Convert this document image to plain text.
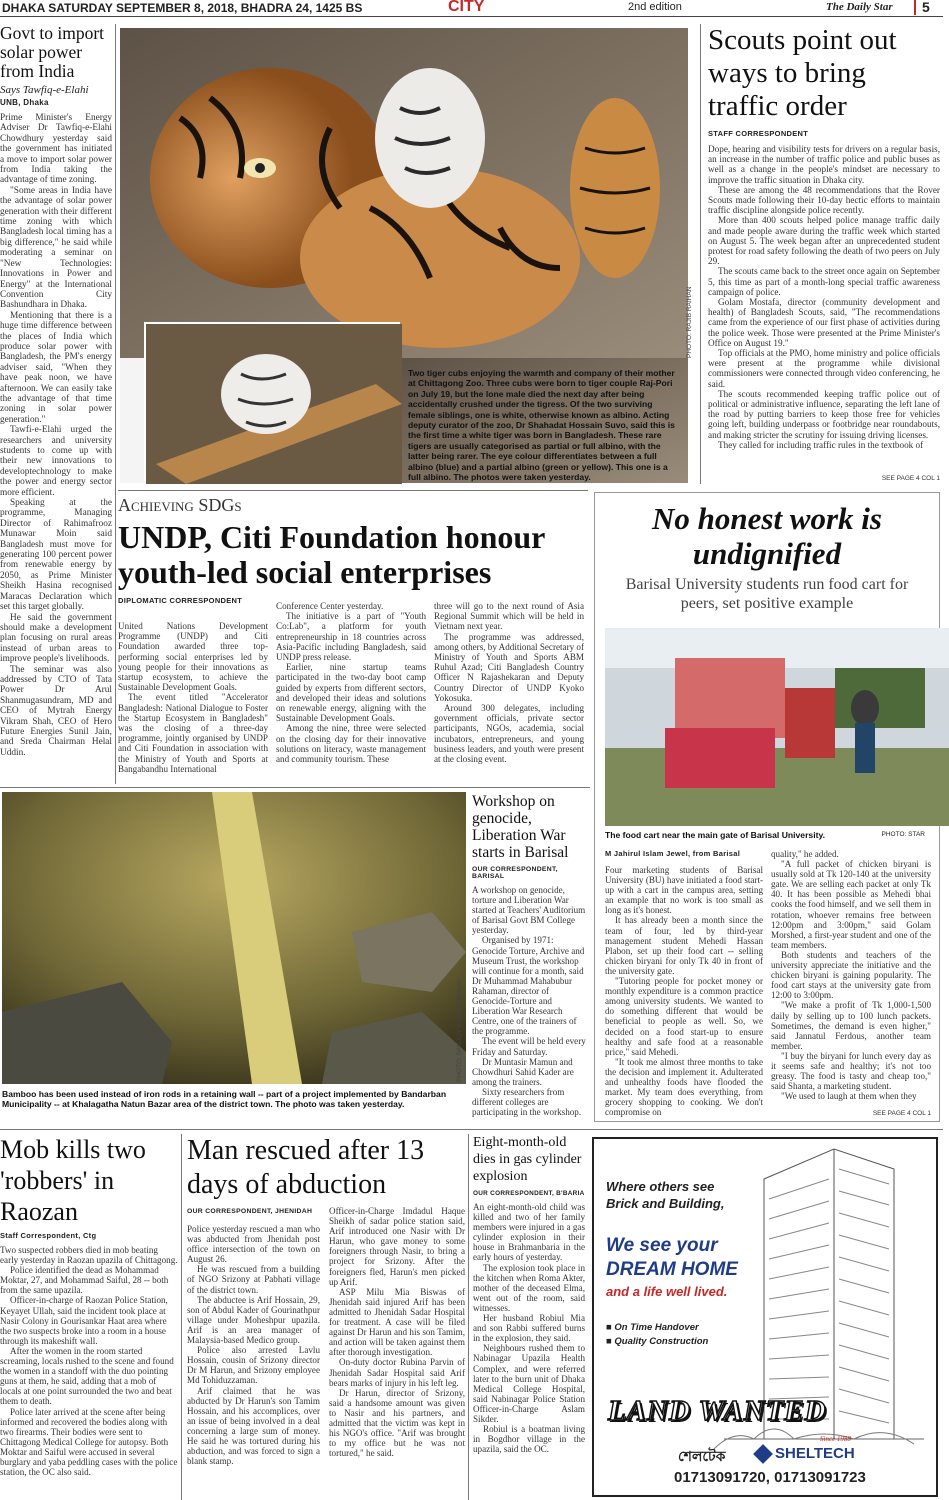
DHAKA SATURDAY SEPTEMBER 8, 2018, BHADRA 24, 1425 BS	CITY	2nd edition	The Daily Star	5
Govt to import solar power from India
Says Tawfiq-e-Elahi
UNB, Dhaka

Prime Minister's Energy Adviser Dr Tawfiq-e-Elahi Chowdhury yesterday said the government has initiated a move to import solar power from India taking the advantage of time zoning.

"Some areas in India have the advantage of solar power generation with their different time zoning with which Bangladesh local timing has a big difference," he said while moderating a seminar on "New Technologies: Innovations in Power and Energy" at the International Convention City Bashundhara in Dhaka.

Mentioning that there is a huge time difference between the places of India which produce solar power with Bangladesh, the PM's energy adviser said, "When they have peak noon, we have afternoon. We can easily take the advantage of that time zoning in solar power generation."

Tawfi-e-Elahi urged the researchers and university students to come up with their new innovations to developtechnology to make the power and energy sector more efficient.

Speaking at the programme, Managing Director of Rahimafrooz Munawar Moin said Bangladesh must move for generating 100 percent power from renewable energy by 2050, as Prime Minister Sheikh Hasina recognised Maracas Declaration which set this target globally.

He said the government should make a development plan focusing on rural areas instead of urban areas to improve people's livelihoods.

The seminar was also addressed by CTO of Tata Power Dr Arul Shanmugasundram, MD and CEO of Mytrah Energy Vikram Shah, CEO of Hero Future Energies Sunil Jain, and Sreda Chairman Helal Uddin.

PHOTO: RAJIB RAIHAN
Two tiger cubs enjoying the warmth and company of their mother at Chittagong Zoo. Three cubs were born to tiger couple Raj-Pori on July 19, but the lone male died the next day after being accidentally crushed under the tigress. Of the two surviving female siblings, one is white, otherwise known as albino. Acting deputy curator of the zoo, Dr Shahadat Hossain Suvo, said this is the first time a white tiger was born in Bangladesh. These rare tigers are usually categorised as partial or full albino, with the latter being rarer. The eye colour differentiates between a full albino (blue) and a partial albino (green or yellow). This one is a full albino. The photos were taken yesterday.
Scouts point out ways to bring traffic order
STAFF CORRESPONDENT

Dope, hearing and visibility tests for drivers on a regular basis, an increase in the number of traffic police and public buses as well as a change in the people's mindset are necessary to improve the traffic situation in Dhaka city.

These are among the 48 recommendations that the Rover Scouts made following their 10-day hectic efforts to maintain traffic discipline alongside police recently.

More than 400 scouts helped police manage traffic daily and made people aware during the traffic week which started on August 5. The week began after an unprecedented student protest for road safety following the death of two peers on July 29.

The scouts came back to the street once again on September 5, this time as part of a month-long special traffic awareness campaign of police.

Golam Mostafa, director (community development and health) of Bangladesh Scouts, said, "The recommendations came from the experience of our first phase of activities during the police week. Those were presented at the Prime Minister's Office on August 19."

Top officials at the PMO, home ministry and police officials were present at the programme while divisional commissioners were connected through video conferencing, he said.

The scouts recommended keeping traffic police out of political or administrative influence, separating the left lane of the road by putting barriers to keep those free for vehicles going left, building underpass or footbridge near roundabouts, and making stricter the scrutiny for issuing driving licenses.

They called for including traffic rules in the textbook of

SEE PAGE 4 COL 1
Achieving SDGs
UNDP, Citi Foundation honour youth-led social enterprises
DIPLOMATIC CORRESPONDENT

United Nations Development Programme (UNDP) and Citi Foundation awarded three top-performing social enterprises led by young people for their innovations as startup ecosystem, to achieve the Sustainable Development Goals.

The event titled "Accelerator Bangladesh: National Dialogue to Foster the Startup Ecosystem in Bangladesh" was the closing of a three-day programme, jointly organised by UNDP and Citi Foundation in association with the Ministry of Youth and Sports at Bangabandhu International

Conference Center yesterday.

The initiative is a part of "Youth Co:Lab", a platform for youth entrepreneurship in 18 countries across Asia-Pacific including Bangladesh, said UNDP press release.

Earlier, nine startup teams participated in the two-day boot camp guided by experts from different sectors, and developed their ideas and solutions on renewable energy, aligning with the Sustainable Development Goals.

Among the nine, three were selected on the closing day for their innovative solutions on literacy, waste management and community tourism. These

three will go to the next round of Asia Regional Summit which will be held in Vietnam next year.

The programme was addressed, among others, by Additional Secretary of Ministry of Youth and Sports ABM Ruhul Azad; Citi Bangladesh Country Officer N Rajashekaran and Deputy Country Director of UNDP Kyoko Yokosuka.

Around 300 delegates, including government officials, private sector participants, NGOs, academia, social incubators, entrepreneurs, and young business leaders, and youth were present at the closing event.

No honest work is undignified
Barisal University students run food cart for peers, set positive example
The food cart near the main gate of Barisal University.	PHOTO: STAR
M Jahirul Islam Jewel, from Barisal

Four marketing students of Barisal University (BU) have initiated a food start-up with a cart in the campus area, setting an example that no work is too small as long as it's honest.

It has already been a month since the team of four, led by third-year management student Mehedi Hassan Plabon, set up their food cart -- selling chicken biryani for only Tk 40 in front of the university gate.

"Tutoring people for pocket money or monthly expenditure is a common practice among university students. We wanted to do something different that would be beneficial to people as well. So, we decided on a food start-up to ensure healthy and safe food at a reasonable price," said Mehedi.

"It took me almost three months to take the decision and implement it. Adulterated and unhealthy foods have flooded the market. My team does everything, from grocery shopping to cooking. We don't compromise on

quality," he added.

"A full packet of chicken biryani is usually sold at Tk 120-140 at the university gate. We are selling each packet at only Tk 40. It has been possible as Mehedi bhai cooks the food himself, and we sell them in rotation, whoever remains free between 12:00pm and 3:00pm," said Golam Morshed, a first-year student and one of the team members.

Both students and teachers of the university appreciate the initiative and the chicken biryani is gaining popularity. The food cart stays at the university gate from 12:00 to 3:00pm.

"We make a profit of Tk 1,000-1,500 daily by selling up to 100 lunch packets. Sometimes, the demand is even higher," said Jannatul Ferdous, another team member.

"I buy the biryani for lunch every day as it seems safe and healthy; it's not too greasy. The food is tasty and cheap too," said Shanta, a marketing student.

"We used to laugh at them when they

SEE PAGE 4 COL 1
Bamboo has been used instead of iron rods in a retaining wall -- part of a project implemented by Bandarban Municipality -- at Khalagatha Natun Bazar area of the district town. The photo was taken yesterday.
PHOTO: SANJOY KUMAR BARUA
Workshop on genocide, Liberation War starts in Barisal
OUR CORRESPONDENT, BARISAL

A workshop on genocide, torture and Liberation War started at Teachers' Auditorium of Barisal Govt BM College yesterday.

Organised by 1971: Genocide Torture, Archive and Museum Trust, the workshop will continue for a month, said Dr Muhammad Mahabubur Rahaman, director of Genocide-Torture and Liberation War Research Centre, one of the trainers of the programme.

The event will be held every Friday and Saturday.

Dr Muntasir Mamun and Chowdhuri Sahid Kader are among the trainers.

Sixty researchers from different colleges are participating in the workshop.

Mob kills two 'robbers' in Raozan
Staff Correspondent, Ctg

Two suspected robbers died in mob beating early yesterday in Raozan upazila of Chittagong.

Police identified the dead as Mohammad Moktar, 27, and Mohammad Saiful, 28 -- both from the same upazila.

Officer-in-charge of Raozan Police Station, Keyayet Ullah, said the incident took place at Nasir Colony in Gourisankar Haat area where the two suspects broke into a room in a house through its makeshift wall.

After the women in the room started screaming, locals rushed to the scene and found the women in a standoff with the duo pointing guns at them, he said, adding that a mob of locals at one point surrounded the two and beat them to death.

Police later arrived at the scene after being informed and recovered the bodies along with two firearms. Their bodies were sent to Chittagong Medical College for autopsy. Both Moktar and Saiful were accused in several burglary and yaba peddling cases with the police station, the OC also said.

Man rescued after 13 days of abduction
OUR CORRESPONDENT, JHENIDAH

Police yesterday rescued a man who was abducted from Jhenidah post office intersection of the town on August 26.

He was rescued from a building of NGO Srizony at Pabhati village of the district town.

The abductee is Arif Hossain, 29, son of Abdul Kader of Gourinathpur village under Moheshpur upazila. Arif is an area manager of Malaysia-based Medico group.

Police also arrested Lavlu Hossain, cousin of Srizony director Dr M Harun, and Srizony employee Md Tohiduzzaman.

Arif claimed that he was abducted by Dr Harun's son Tamim Hossain, and his accomplices, over an issue of being involved in a deal concerning a large sum of money. He said he was tortured during his abduction, and was forced to sign a blank stamp.

Officer-in-Charge Imdadul Haque Sheikh of sadar police station said, Arif introduced one Nasir with Dr Harun, who gave money to some foreigners through Nasir, to bring a project for Srizony. After the foreigners fled, Harun's men picked up Arif.

ASP Milu Mia Biswas of Jhenidah said injured Arif has been admitted to Jhenidah Sadar Hospital for treatment. A case will be filed against Dr Harun and his son Tamim, and action will be taken against them after thorough investigation.

On-duty doctor Rubina Parvin of Jhenidah Sadar Hospital said Arif bears marks of injury in his left leg.

Dr Harun, director of Srizony, said a handsome amount was given to Nasir and his partners, and admitted that the victim was kept in his NGO's office. "Arif was brought to my office but he was not tortured," he said.

Eight-month-old dies in gas cylinder explosion
OUR CORRESPONDENT, B'BARIA

An eight-month-old child was killed and two of her family members were injured in a gas cylinder explosion in their house in Brahmanbaria in the early hours of yesterday.

The explosion took place in the kitchen when Roma Akter, mother of the deceased Elma, went out of the room, said witnesses.

Her husband Robiul Mia and son Rabbi suffered burns in the explosion, they said.

Neighbours rushed them to Nabinagar Upazila Health Complex, and were referred later to the burn unit of Dhaka Medical College Hospital, said Nabinagar Police Station Officer-in-Charge Aslam Sikder.

Robiul is a boatman living in Bogdhor village in the upazila, said the OC.

Where others see
Brick and Building,
We see your
DREAM HOME
and a life well lived.
■ On Time Handover
■ Quality Construction
LAND WANTED
শেলটেক	SHELTECH
Since 1988
01713091720, 01713091723
